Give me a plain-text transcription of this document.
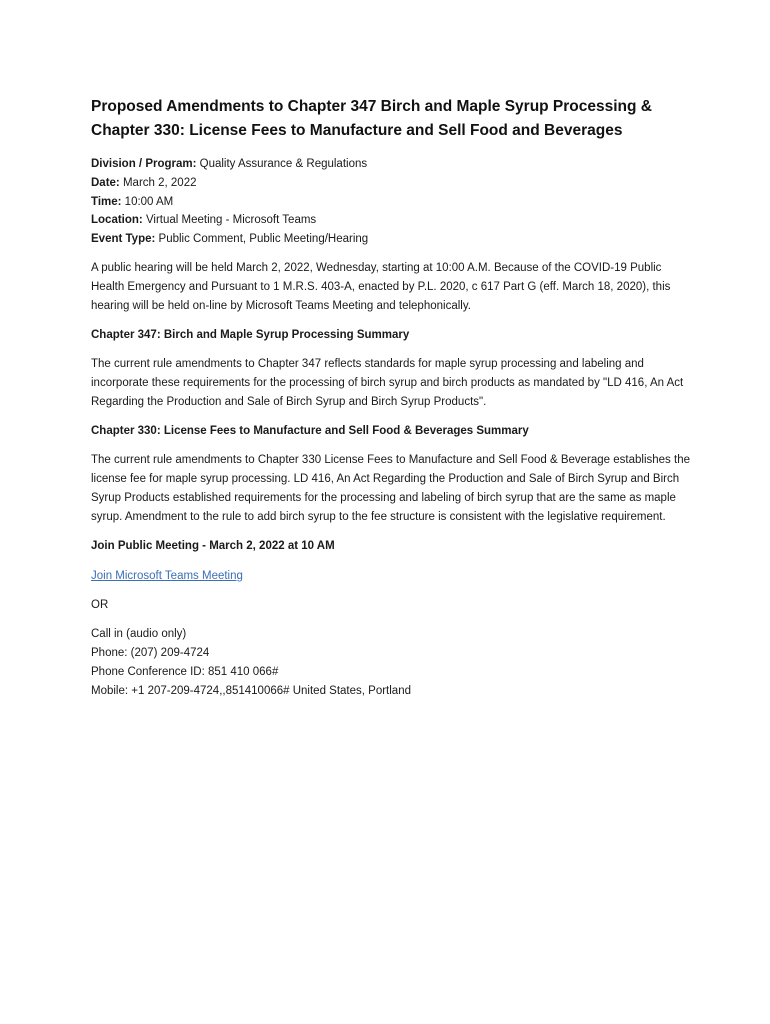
Proposed Amendments to Chapter 347 Birch and Maple Syrup Processing & Chapter 330: License Fees to Manufacture and Sell Food and Beverages
Division / Program: Quality Assurance & Regulations
Date: March 2, 2022
Time: 10:00 AM
Location: Virtual Meeting - Microsoft Teams
Event Type: Public Comment, Public Meeting/Hearing

A public hearing will be held March 2, 2022, Wednesday, starting at 10:00 A.M. Because of the COVID-19 Public Health Emergency and Pursuant to 1 M.R.S. 403-A, enacted by P.L. 2020, c 617 Part G (eff. March 18, 2020), this hearing will be held on-line by Microsoft Teams Meeting and telephonically.

Chapter 347: Birch and Maple Syrup Processing Summary

The current rule amendments to Chapter 347 reflects standards for maple syrup processing and labeling and incorporate these requirements for the processing of birch syrup and birch products as mandated by "LD 416, An Act Regarding the Production and Sale of Birch Syrup and Birch Syrup Products".

Chapter 330: License Fees to Manufacture and Sell Food & Beverages Summary

The current rule amendments to Chapter 330 License Fees to Manufacture and Sell Food & Beverage establishes the license fee for maple syrup processing. LD 416, An Act Regarding the Production and Sale of Birch Syrup and Birch Syrup Products established requirements for the processing and labeling of birch syrup that are the same as maple syrup. Amendment to the rule to add birch syrup to the fee structure is consistent with the legislative requirement.

Join Public Meeting - March 2, 2022 at 10 AM

Join Microsoft Teams Meeting

OR

Call in (audio only)
Phone: (207) 209-4724
Phone Conference ID: 851 410 066#
Mobile: +1 207-209-4724,,851410066# United States, Portland
